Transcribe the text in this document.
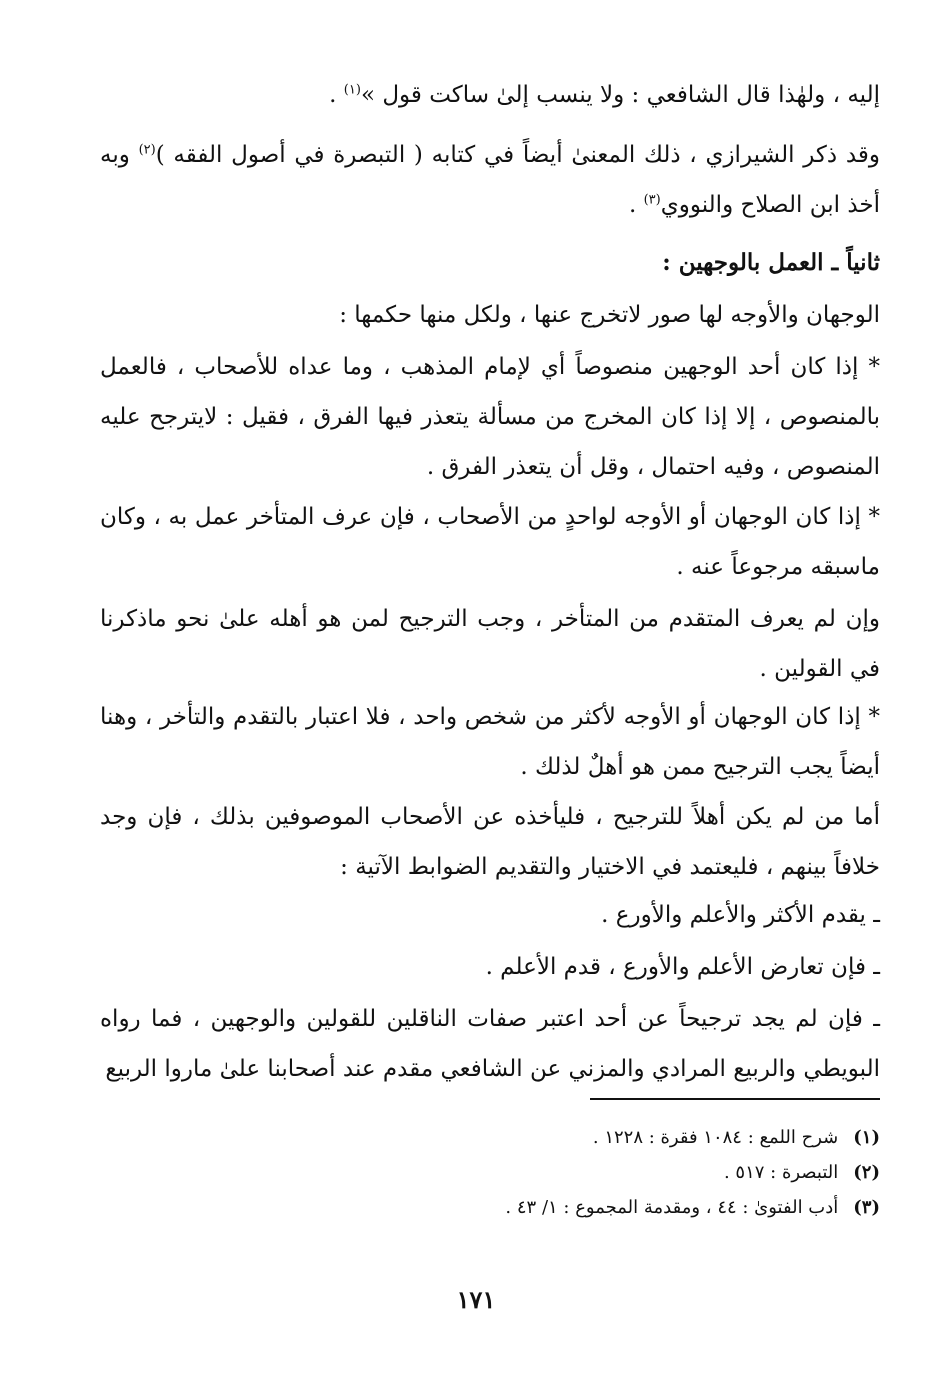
إليه ، ولهٰذا قال الشافعي : ولا ينسب إلىٰ ساكت قول »$^{(١)}$ .

وقد ذكر الشيرازي ، ذلك المعنىٰ أيضاً في كتابه ( التبصرة في أصول الفقه )$^{(٢)}$ وبه أخذ ابن الصلاح والنووي$^{(٣)}$ .

ثانياً ـ العمل بالوجهين :

الوجهان والأوجه لها صور لاتخرج عنها ، ولكل منها حكمها :

* إذا كان أحد الوجهين منصوصاً أي لإمام المذهب ، وما عداه للأصحاب ، فالعمل بالمنصوص ، إلا إذا كان المخرج من مسألة يتعذر فيها الفرق ، فقيل : لايترجح عليه المنصوص ، وفيه احتمال ، وقل أن يتعذر الفرق .

* إذا كان الوجهان أو الأوجه لواحدٍ من الأصحاب ، فإن عرف المتأخر عمل به ، وكان ماسبقه مرجوعاً عنه .

وإن لم يعرف المتقدم من المتأخر ، وجب الترجيح لمن هو أهله علىٰ نحو ماذكرنا في القولين .

* إذا كان الوجهان أو الأوجه لأكثر من شخص واحد ، فلا اعتبار بالتقدم والتأخر ، وهنا أيضاً يجب الترجيح ممن هو أهلٌ لذلك .

أما من لم يكن أهلاً للترجيح ، فليأخذه عن الأصحاب الموصوفين بذلك ، فإن وجد خلافاً بينهم ، فليعتمد في الاختيار والتقديم الضوابط الآتية :

ـ يقدم الأكثر والأعلم والأورع .

ـ فإن تعارض الأعلم والأورع ، قدم الأعلم .

ـ فإن لم يجد ترجيحاً عن أحد اعتبر صفات الناقلين للقولين والوجهين ، فما رواه البويطي والربيع المرادي والمزني عن الشافعي مقدم عند أصحابنا علىٰ ماروا الربيع

(١) شرح اللمع : ١٠٨٤ فقرة : ١٢٢٨ .

(٢) التبصرة : ٥١٧ .

(٣) أدب الفتوىٰ : ٤٤ ، ومقدمة المجموع : ١/ ٤٣ .

١٧١
